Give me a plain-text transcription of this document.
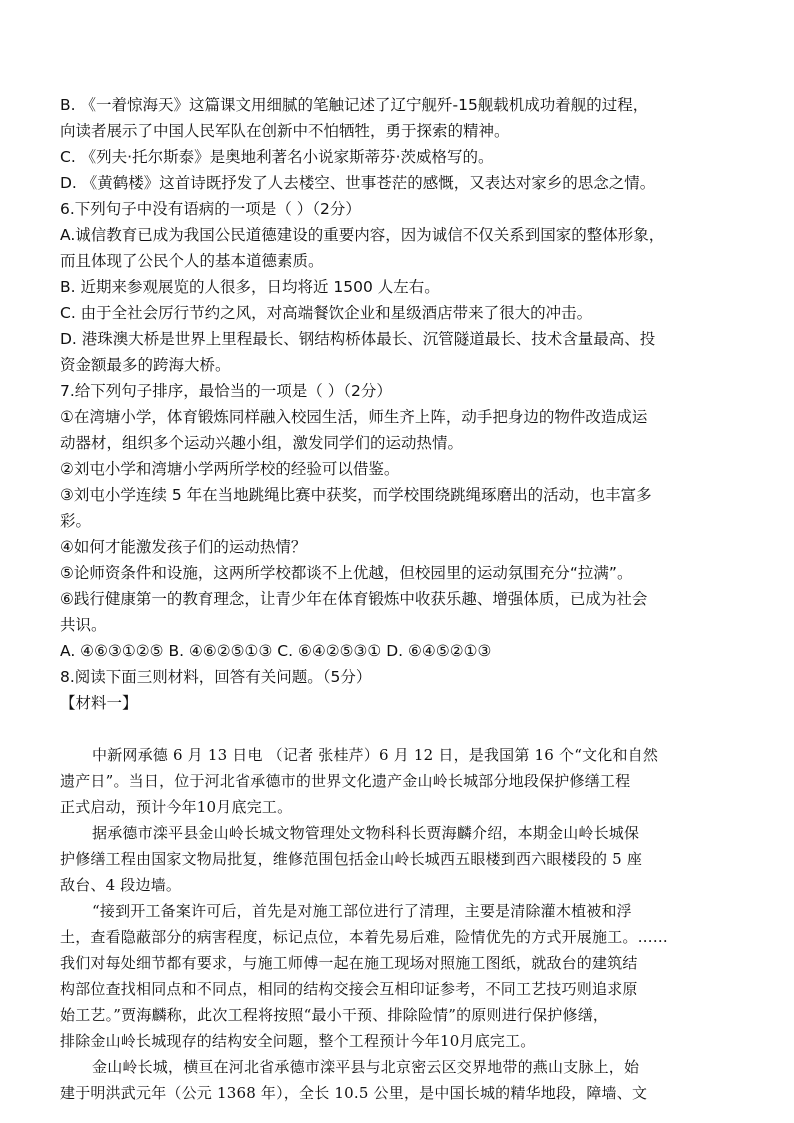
B. 《一着惊海天》这篇课文用细腻的笔触记述了辽宁舰歼-15舰载机成功着舰的过程，
向读者展示了中国人民军队在创新中不怕牺牲，勇于探索的精神。
C. 《列夫·托尔斯泰》是奥地利著名小说家斯蒂芬·茨威格写的。
D. 《黄鹤楼》这首诗既抒发了人去楼空、世事苍茫的感慨，又表达对家乡的思念之情。
6.下列句子中没有语病的一项是（ ）（2分）
A.诚信教育已成为我国公民道德建设的重要内容，因为诚信不仅关系到国家的整体形象，
而且体现了公民个人的基本道德素质。
B. 近期来参观展览的人很多，日均将近 1500 人左右。
C. 由于全社会厉行节约之风，对高端餐饮企业和星级酒店带来了很大的冲击。
D. 港珠澳大桥是世界上里程最长、钢结构桥体最长、沉管隧道最长、技术含量最高、投
资金额最多的跨海大桥。
7.给下列句子排序，最恰当的一项是（ ）（2分）
①在湾塘小学，体育锻炼同样融入校园生活，师生齐上阵，动手把身边的物件改造成运
动器材，组织多个运动兴趣小组，激发同学们的运动热情。
②刘屯小学和湾塘小学两所学校的经验可以借鉴。
③刘屯小学连续 5 年在当地跳绳比赛中获奖，而学校围绕跳绳琢磨出的活动，也丰富多
彩。
④如何才能激发孩子们的运动热情？
⑤论师资条件和设施，这两所学校都谈不上优越，但校园里的运动氛围充分“拉满”。
⑥践行健康第一的教育理念，让青少年在体育锻炼中收获乐趣、增强体质，已成为社会
共识。
A. ④⑥③①②⑤ B. ④⑥②⑤①③ C. ⑥④②⑤③① D. ⑥④⑤②①③
8.阅读下面三则材料，回答有关问题。（5分）
【材料一】
中新网承德 6 月 13 日电 （记者 张桂芹）6 月 12 日，是我国第 16 个“文化和自然
遗产日”。当日，位于河北省承德市的世界文化遗产金山岭长城部分地段保护修缮工程
正式启动，预计今年10月底完工。
据承德市滦平县金山岭长城文物管理处文物科科长贾海麟介绍，本期金山岭长城保
护修缮工程由国家文物局批复，维修范围包括金山岭长城西五眼楼到西六眼楼段的 5 座
敌台、4 段边墙。
“接到开工备案许可后，首先是对施工部位进行了清理，主要是清除灌木植被和浮
土，查看隐蔽部分的病害程度，标记点位，本着先易后难，险情优先的方式开展施工。……
我们对每处细节都有要求，与施工师傅一起在施工现场对照施工图纸，就敌台的建筑结
构部位查找相同点和不同点，相同的结构交接会互相印证参考，不同工艺技巧则追求原
始工艺。”贾海麟称，此次工程将按照“最小干预、排除险情”的原则进行保护修缮，
排除金山岭长城现存的结构安全问题，整个工程预计今年10月底完工。
金山岭长城，横亘在河北省承德市滦平县与北京密云区交界地带的燕山支脉上，始
建于明洪武元年（公元 1368 年），全长 10.5 公里，是中国长城的精华地段，障墙、文
